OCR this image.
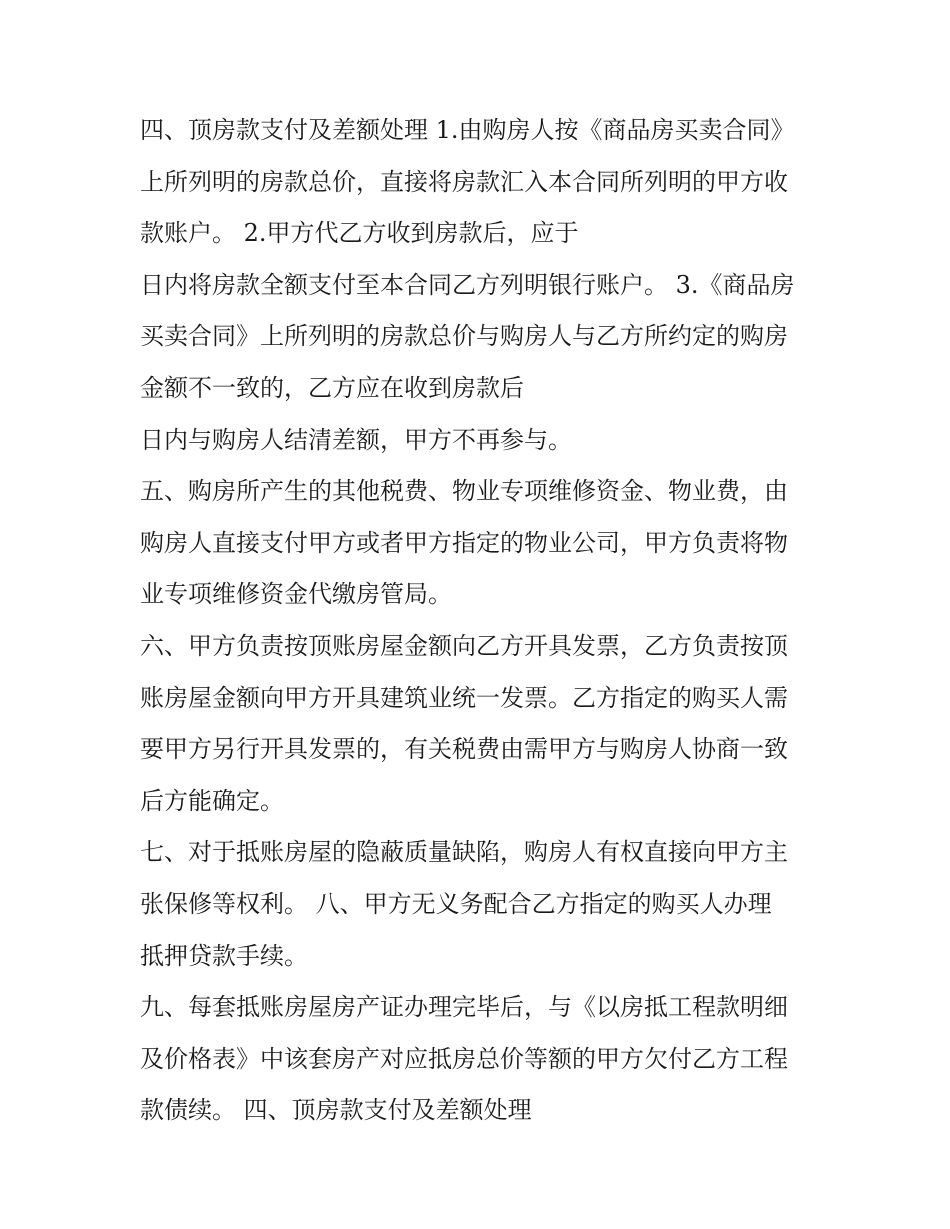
四、顶房款支付及差额处理 1.由购房人按《商品房买卖合同》
上所列明的房款总价，直接将房款汇入本合同所列明的甲方收
款账户。 2.甲方代乙方收到房款后，应于
日内将房款全额支付至本合同乙方列明银行账户。 3.《商品房
买卖合同》上所列明的房款总价与购房人与乙方所约定的购房
金额不一致的，乙方应在收到房款后
日内与购房人结清差额，甲方不再参与。
五、购房所产生的其他税费、物业专项维修资金、物业费，由
购房人直接支付甲方或者甲方指定的物业公司，甲方负责将物
业专项维修资金代缴房管局。
六、甲方负责按顶账房屋金额向乙方开具发票，乙方负责按顶
账房屋金额向甲方开具建筑业统一发票。乙方指定的购买人需
要甲方另行开具发票的，有关税费由需甲方与购房人协商一致
后方能确定。
七、对于抵账房屋的隐蔽质量缺陷，购房人有权直接向甲方主
张保修等权利。 八、甲方无义务配合乙方指定的购买人办理
抵押贷款手续。
九、每套抵账房屋房产证办理完毕后，与《以房抵工程款明细
及价格表》中该套房产对应抵房总价等额的甲方欠付乙方工程
款债续。 四、顶房款支付及差额处理
